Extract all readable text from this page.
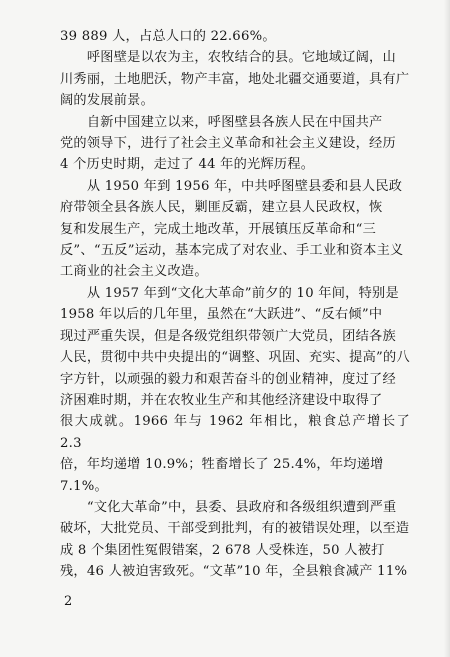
39 889 人，占总人口的 22.66%。

　　呼图壁是以农为主，农牧结合的县。它地域辽阔，山
川秀丽，土地肥沃，物产丰富，地处北疆交通要道，具有广
阔的发展前景。

　　自新中国建立以来，呼图壁县各族人民在中国共产
党的领导下，进行了社会主义革命和社会主义建设，经历
4 个历史时期，走过了 44 年的光辉历程。

　　从 1950 年到 1956 年，中共呼图壁县委和县人民政
府带领全县各族人民，剿匪反霸，建立县人民政权，恢
复和发展生产，完成土地改革，开展镇压反革命和“三
反”、“五反”运动，基本完成了对农业、手工业和资本主义
工商业的社会主义改造。

　　从 1957 年到“文化大革命”前夕的 10 年间，特别是
1958 年以后的几年里，虽然在“大跃进”、“反右倾”中
现过严重失误，但是各级党组织带领广大党员，团结各族
人民，贯彻中共中央提出的“调整、巩固、充实、提高”的八
字方针，以顽强的毅力和艰苦奋斗的创业精神，度过了经
济困难时期，并在农牧业生产和其他经济建设中取得了
很大成就。1966 年与 1962 年相比，粮食总产增长了 2.3
倍，年均递增 10.9%；牲畜增长了 25.4%，年均递增
7.1%。

　　“文化大革命”中，县委、县政府和各级组织遭到严重
破坏，大批党员、干部受到批判，有的被错误处理，以至造
成 8 个集团性冤假错案，2 678 人受株连，50 人被打
残，46 人被迫害致死。“文革”10 年，全县粮食减产 11%

2
